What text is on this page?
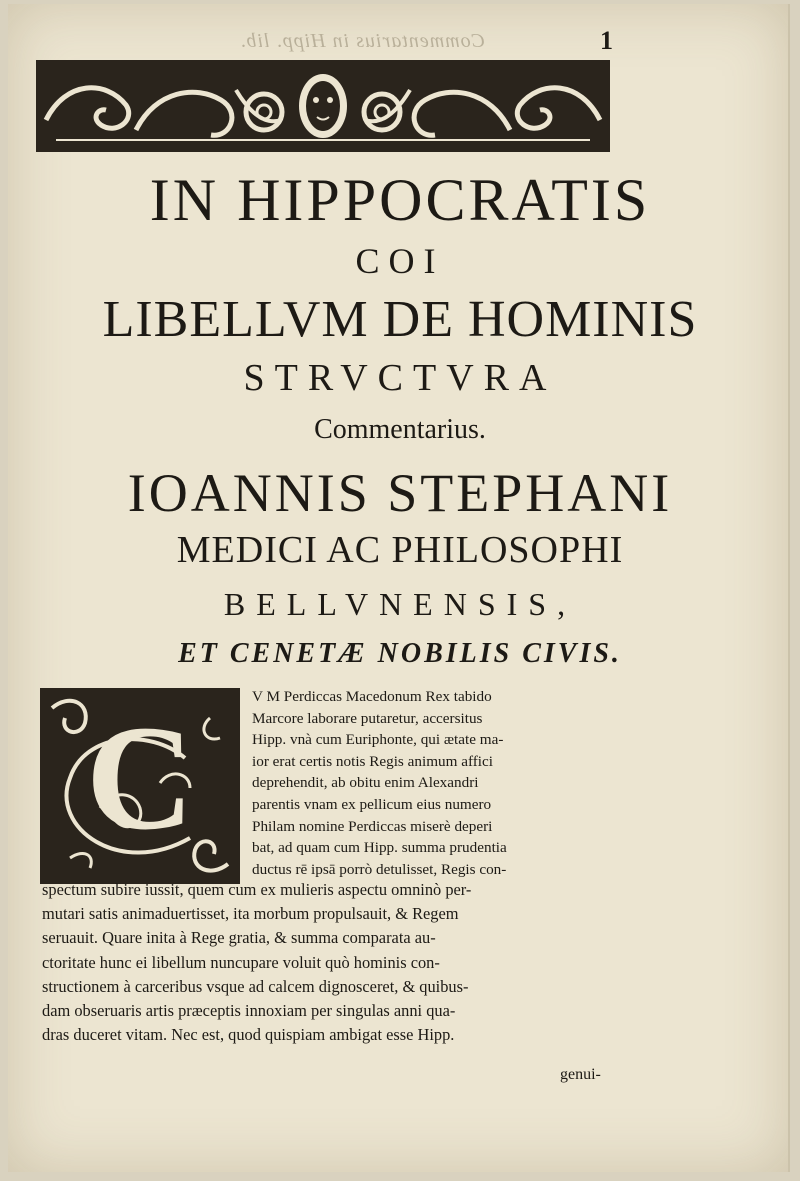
Commentarius in Hipp. lib.	1
IN HIPPOCRATIS
COI
LIBELLVM DE HOMINIS
STRVCTVRA
Commentarius.
IOANNIS STEPHANI
MEDICI AC PHILOSOPHI
BELLVNENSIS,
ET CENETÆ NOBILIS CIVIS.
C	V M Perdiccas Macedonum Rex tabido
Marcore laborare putaretur, accersitus
Hipp. vnà cum Euriphonte, qui ætate ma-
ior erat certis notis Regis animum affici
deprehendit, ab obitu enim Alexandri
parentis vnam ex pellicum eius numero
Philam nomine Perdiccas miserè deperi
bat, ad quam cum Hipp. summa prudentia
ductus rē ipsā porrò detulisset, Regis con-
spectum subire iussit, quem cum ex mulieris aspectu omninò per-
mutari satis animaduertisset, ita morbum propulsauit, & Regem
seruauit. Quare inita à Rege gratia, & summa comparata au-
ctoritate hunc ei libellum nuncupare voluit quò hominis con-
structionem à carceribus vsque ad calcem dignosceret, & quibus-
dam obseruaris artis præceptis innoxiam per singulas anni qua-
dras duceret vitam. Nec est, quod quispiam ambigat esse Hipp.
genui-
